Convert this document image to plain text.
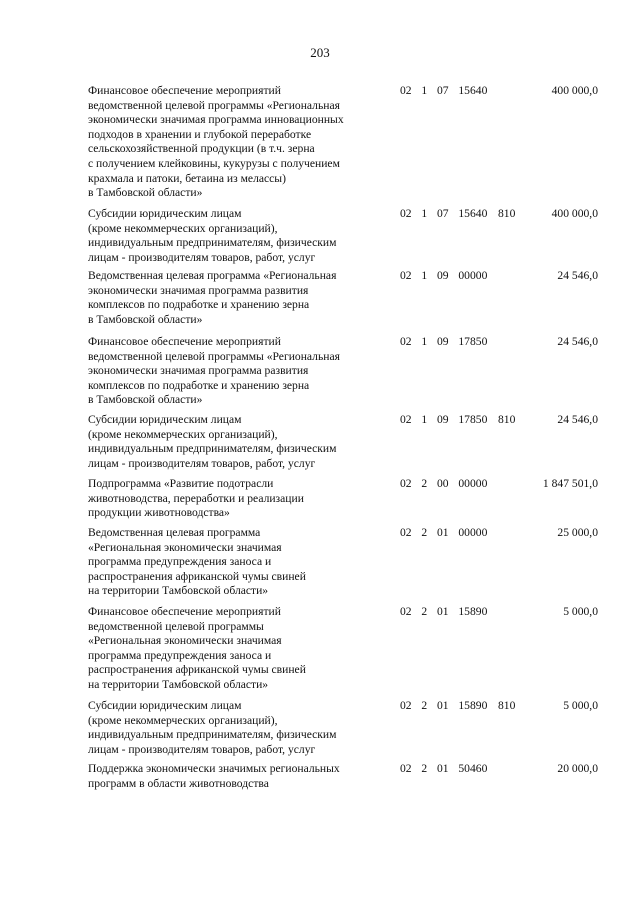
203
Финансовое обеспечение мероприятий
ведомственной целевой программы «Региональная
экономически значимая программа инновационных
подходов в хранении и глубокой переработке
сельскохозяйственной продукции (в т.ч. зерна
с получением клейковины, кукурузы с получением
крахмала и патоки, бетаина из мелассы)
в Тамбовской области»
02  1  07  15640	400 000,0
Субсидии юридическим лицам
(кроме некоммерческих организаций),
индивидуальным предпринимателям, физическим
лицам - производителям товаров, работ, услуг
02  1  07  15640 810	400 000,0
Ведомственная целевая программа «Региональная
экономически значимая программа развития
комплексов по подработке и хранению зерна
в Тамбовской области»
02  1  09  00000	24 546,0
Финансовое обеспечение мероприятий
ведомственной целевой программы «Региональная
экономически значимая программа развития
комплексов по подработке и хранению зерна
в Тамбовской области»
02  1  09  17850	24 546,0
Субсидии юридическим лицам
(кроме некоммерческих организаций),
индивидуальным предпринимателям, физическим
лицам - производителям товаров, работ, услуг
02  1  09  17850 810	24 546,0
Подпрограмма «Развитие подотрасли
животноводства, переработки и реализации
продукции животноводства»
02  2  00  00000	1 847 501,0
Ведомственная целевая программа
«Региональная экономически значимая
программа предупреждения заноса и
распространения африканской чумы свиней
на территории Тамбовской области»
02  2  01  00000	25 000,0
Финансовое обеспечение мероприятий
ведомственной целевой программы
«Региональная экономически значимая
программа предупреждения заноса и
распространения африканской чумы свиней
на территории Тамбовской области»
02  2  01  15890	5 000,0
Субсидии юридическим лицам
(кроме некоммерческих организаций),
индивидуальным предпринимателям, физическим
лицам - производителям товаров, работ, услуг
02  2  01  15890 810	5 000,0
Поддержка экономически значимых региональных
программ в области животноводства
02  2  01  50460	20 000,0
